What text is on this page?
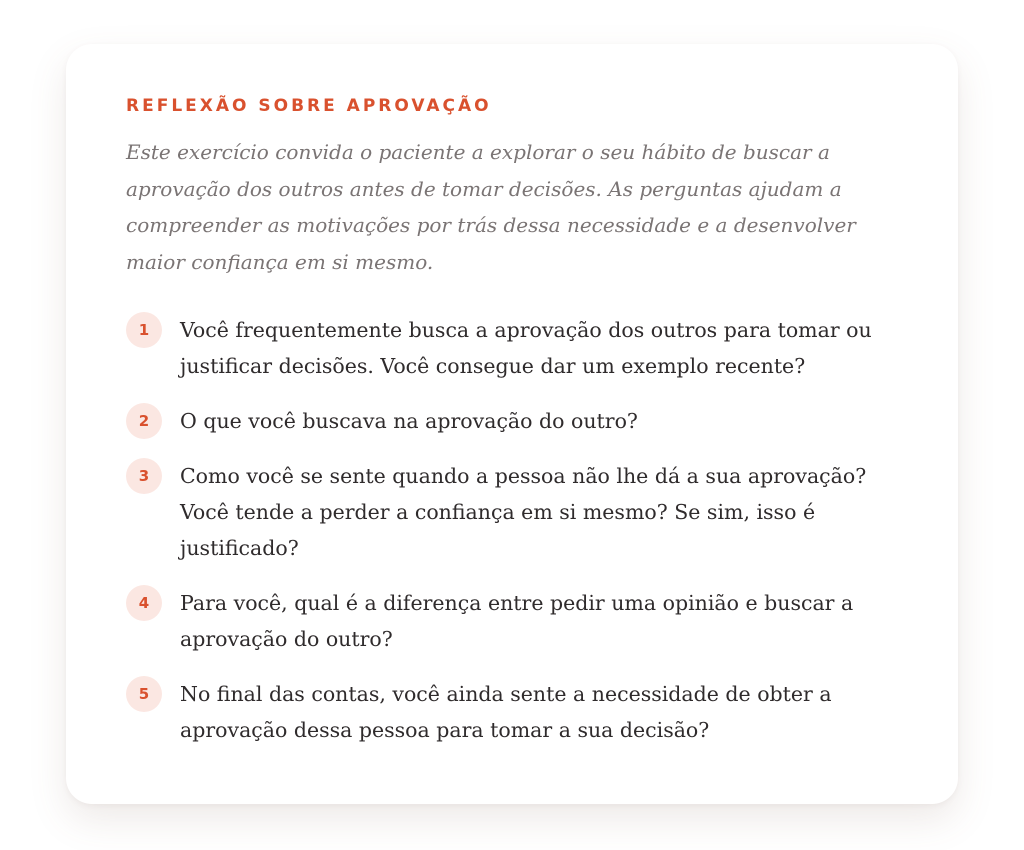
REFLEXÃO SOBRE APROVAÇÃO

Este exercício convida o paciente a explorar o seu hábito de buscar a aprovação dos outros antes de tomar decisões. As perguntas ajudam a compreender as motivações por trás dessa necessidade e a desenvolver maior confiança em si mesmo.

1	Você frequentemente busca a aprovação dos outros para tomar ou justificar decisões. Você consegue dar um exemplo recente?
2	O que você buscava na aprovação do outro?
3	Como você se sente quando a pessoa não lhe dá a sua aprovação? Você tende a perder a confiança em si mesmo? Se sim, isso é justificado?
4	Para você, qual é a diferença entre pedir uma opinião e buscar a aprovação do outro?
5	No final das contas, você ainda sente a necessidade de obter a aprovação dessa pessoa para tomar a sua decisão?
